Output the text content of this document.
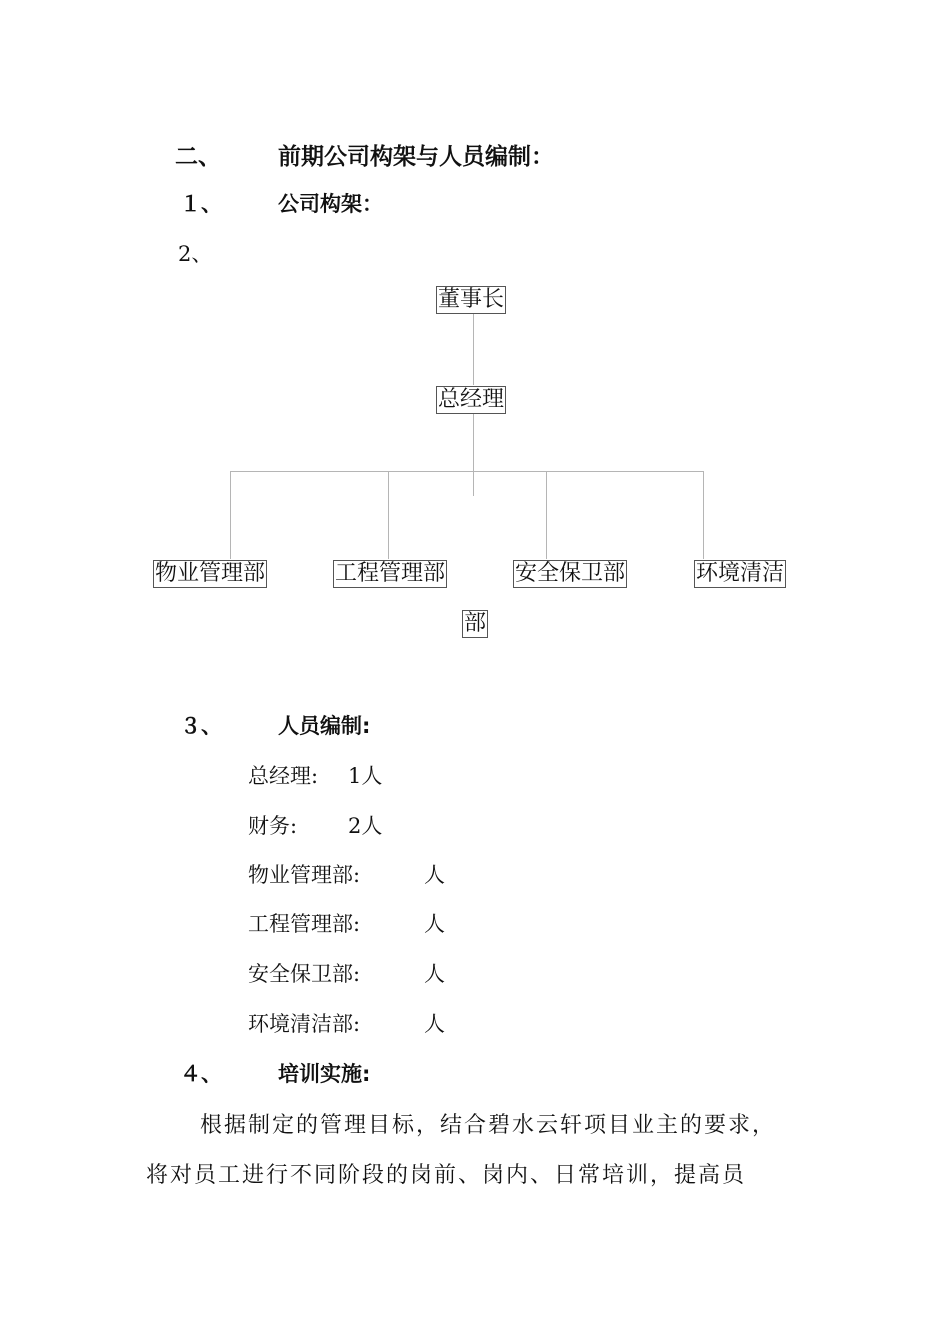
二、 前期公司构架与人员编制：
１、	公司构架：
2、
董事长
总经理
物业管理部	工程管理部	安全保卫部	环境清洁
部
３、	人员编制:
总经理: 1人
财务: 2人
物业管理部:	人
工程管理部:	人
安全保卫部:	人
环境清洁部:	人
４、	培训实施:
根据制定的管理目标，结合碧水云轩项目业主的要求，
将对员工进行不同阶段的岗前、岗内、日常培训，提高员
